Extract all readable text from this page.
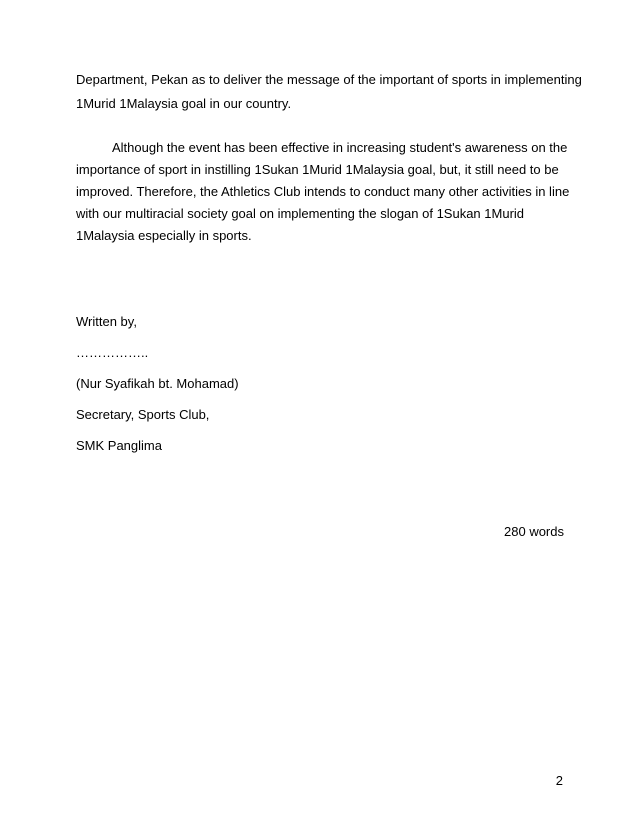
Department, Pekan as to deliver the message of the important of sports in implementing
1Murid 1Malaysia goal in our country.
Although the event has been effective in increasing student's awareness on the
importance of sport in instilling 1Sukan 1Murid 1Malaysia goal, but, it still need to be
improved. Therefore, the Athletics Club intends to conduct many other activities in line
with our multiracial society goal on implementing the slogan of 1Sukan 1Murid
1Malaysia especially in sports.
Written by,
……………..
(Nur Syafikah bt. Mohamad)
Secretary, Sports Club,
SMK Panglima
280 words
2
